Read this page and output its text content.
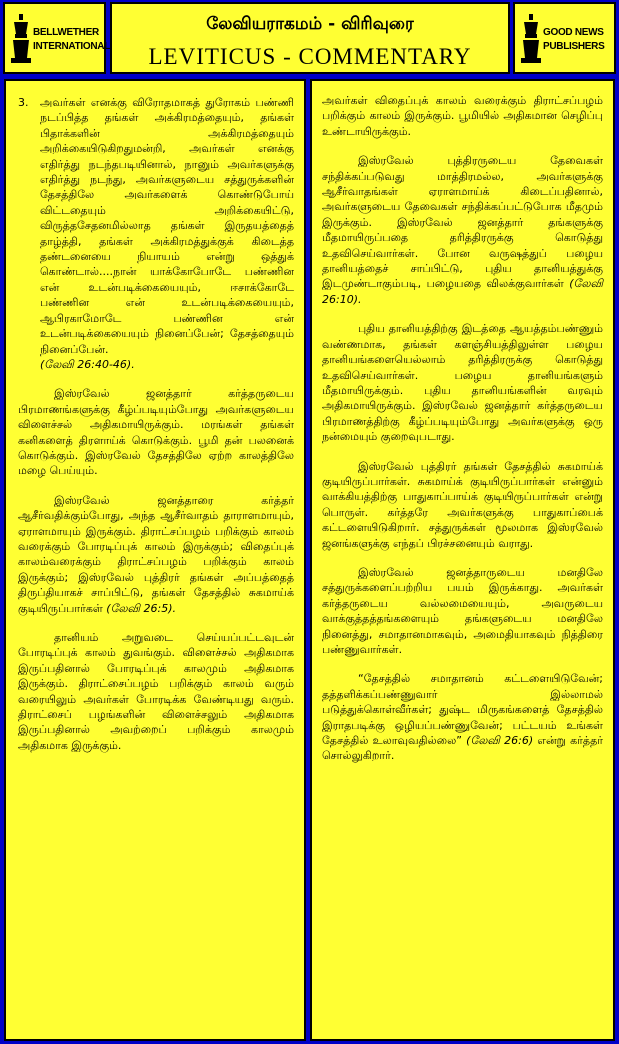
BELLWETHER
INTERNATIONAL
லேவியராகமம் - விரிவுரை
LEVITICUS - COMMENTARY
GOOD NEWS
PUBLISHERS
3.	அவர்கள் எனக்கு விரோதமாகத் துரோகம் பண்ணி நடப்பித்த தங்கள் அக்கிரமத்தையும், தங்கள் பிதாக்களின் அக்கிரமத்தையும் அறிக்கையிடுகிறதுமன்றி, அவர்கள் எனக்கு எதிர்த்து நடந்தபடியினால், நானும் அவர்களுக்கு எதிர்த்து நடந்து, அவர்களுடைய சத்துருக்களின் தேசத்திலே அவர்களைக் கொண்டுபோய் விட்டதையும் அறிக்கையிட்டு, விருத்தசேதனமில்லாத தங்கள் இருதயத்தைத் தாழ்த்தி, தங்கள் அக்கிரமத்துக்குக் கிடைத்த தண்டனையை நியாயம் என்று ஒத்துக் கொண்டால்....நான் யாக்கோபோடே பண்ணின என் உடன்படிக்கையையும், ஈசாக்கோடே பண்ணின என் உடன்படிக்கையையும், ஆபிரகாமோடே பண்ணின என் உடன்படிக்கையையும் நினைப்பேன்; தேசத்தையும் நினைப்பேன்.

(லேவி 26:40-46).

இஸ்ரவேல் ஜனத்தார் கர்த்தருடைய பிரமாணங்களுக்கு கீழ்ப்படியும்போது அவர்களுடைய விளைச்சல் அதிகமாயிருக்கும். மரங்கள் தங்கள் கனிகளைத் திரளாய்க் கொடுக்கும். பூமி தன் பலனைக் கொடுக்கும். இஸ்ரவேல் தேசத்திலே ஏற்ற காலத்திலே மழை பெய்யும்.

இஸ்ரவேல் ஜனத்தாரை கர்த்தர் ஆசீர்வதிக்கும்போது, அந்த ஆசீர்வாதம் தாராளமாயும், ஏராளமாயும் இருக்கும். திராட்சப்பழம் பறிக்கும் காலம் வரைக்கும் போரடிப்புக் காலம் இருக்கும்; விதைப்புக் காலம்வரைக்கும் திராட்சப்பழம் பறிக்கும் காலம் இருக்கும்; இஸ்ரவேல் புத்திரர் தங்கள் அப்பத்தைத் திருப்தியாகச் சாப்பிட்டு, தங்கள் தேசத்தில் சுகமாய்க் குடியிருப்பார்கள் (லேவி 26:5).

தானியம் அறுவடை செய்யப்பட்டவுடன் போரடிப்புக் காலம் துவங்கும். விளைச்சல் அதிகமாக இருப்பதினால் போரடிப்புக் காலமும் அதிகமாக இருக்கும். திராட்சைப்பழம் பறிக்கும் காலம் வரும் வரையிலும் அவர்கள் போரடிக்க வேண்டியது வரும். திராட்சைப் பழங்களின் விளைச்சலும் அதிகமாக இருப்பதினால் அவற்றைப் பறிக்கும் காலமும் அதிகமாக இருக்கும்.

அவர்கள் விதைப்புக் காலம் வரைக்கும் திராட்சப்பழம் பறிக்கும் காலம் இருக்கும். பூமியில் அதிகமான செழிப்பு உண்டாயிருக்கும்.

இஸ்ரவேல் புத்திரருடைய தேவைகள் சந்திக்கப்படுவது மாத்திரமல்ல, அவர்களுக்கு ஆசீர்வாதங்கள் ஏராளமாய்க் கிடைப்பதினால், அவர்களுடைய தேவைகள் சந்திக்கப்பட்டுபோக மீதமும் இருக்கும். இஸ்ரவேல் ஜனத்தார் தங்களுக்கு மீதமாயிருப்பதை தரித்திரருக்கு கொடுத்து உதவிசெய்வார்கள். போன வருஷத்துப் பழைய தானியத்தைச் சாப்பிட்டு, புதிய தானியத்துக்கு இடமுண்டாகும்படி, பழையதை விலக்குவார்கள் (லேவி 26:10).

புதிய தானியத்திற்கு இடத்தை ஆயத்தம்பண்ணும் வண்ணமாக, தங்கள் களஞ்சியத்திலுள்ள பழைய தானியங்களையெல்லாம் தரித்திரருக்கு கொடுத்து உதவிசெய்வார்கள். பழைய தானியங்களும் மீதமாயிருக்கும். புதிய தானியங்களின் வரவும் அதிகமாயிருக்கும். இஸ்ரவேல் ஜனத்தார் கர்த்தருடைய பிரமாணத்திற்கு கீழ்ப்படியும்போது அவர்களுக்கு ஒரு நன்மையும் குறைவுபடாது.

இஸ்ரவேல் புத்திரர் தங்கள் தேசத்தில் சுகமாய்க் குடியிருப்பார்கள். சுகமாய்க் குடியிருப்பார்கள் என்னும் வாக்கியத்திற்கு பாதுகாப்பாய்க் குடியிருப்பார்கள் என்று பொருள். கர்த்தரே அவர்களுக்கு பாதுகாப்பைக் கட்டளையிடுகிறார். சத்துருக்கள் மூலமாக இஸ்ரவேல் ஜனங்களுக்கு எந்தப் பிரச்சனையும் வராது.

இஸ்ரவேல் ஜனத்தாருடைய மனதிலே சத்துருக்களைப்பற்றிய பயம் இருக்காது. அவர்கள் கர்த்தருடைய வல்லமையையும், அவருடைய வாக்குத்தத்தங்களையும் தங்களுடைய மனதிலே நினைத்து, சமாதானமாகவும், அமைதியாகவும் நித்திரை பண்ணுவார்கள்.

“தேசத்தில் சமாதானம் கட்டளையிடுவேன்; தத்தளிக்கப்பண்ணுவார் இல்லாமல் படுத்துக்கொள்வீர்கள்; துஷ்ட மிருகங்களைத் தேசத்தில் இராதபடிக்கு ஒழியப்பண்ணுவேன்; பட்டயம் உங்கள் தேசத்தில் உலாவுவதில்லை” (லேவி 26:6) என்று கர்த்தர் சொல்லுகிறார்.
